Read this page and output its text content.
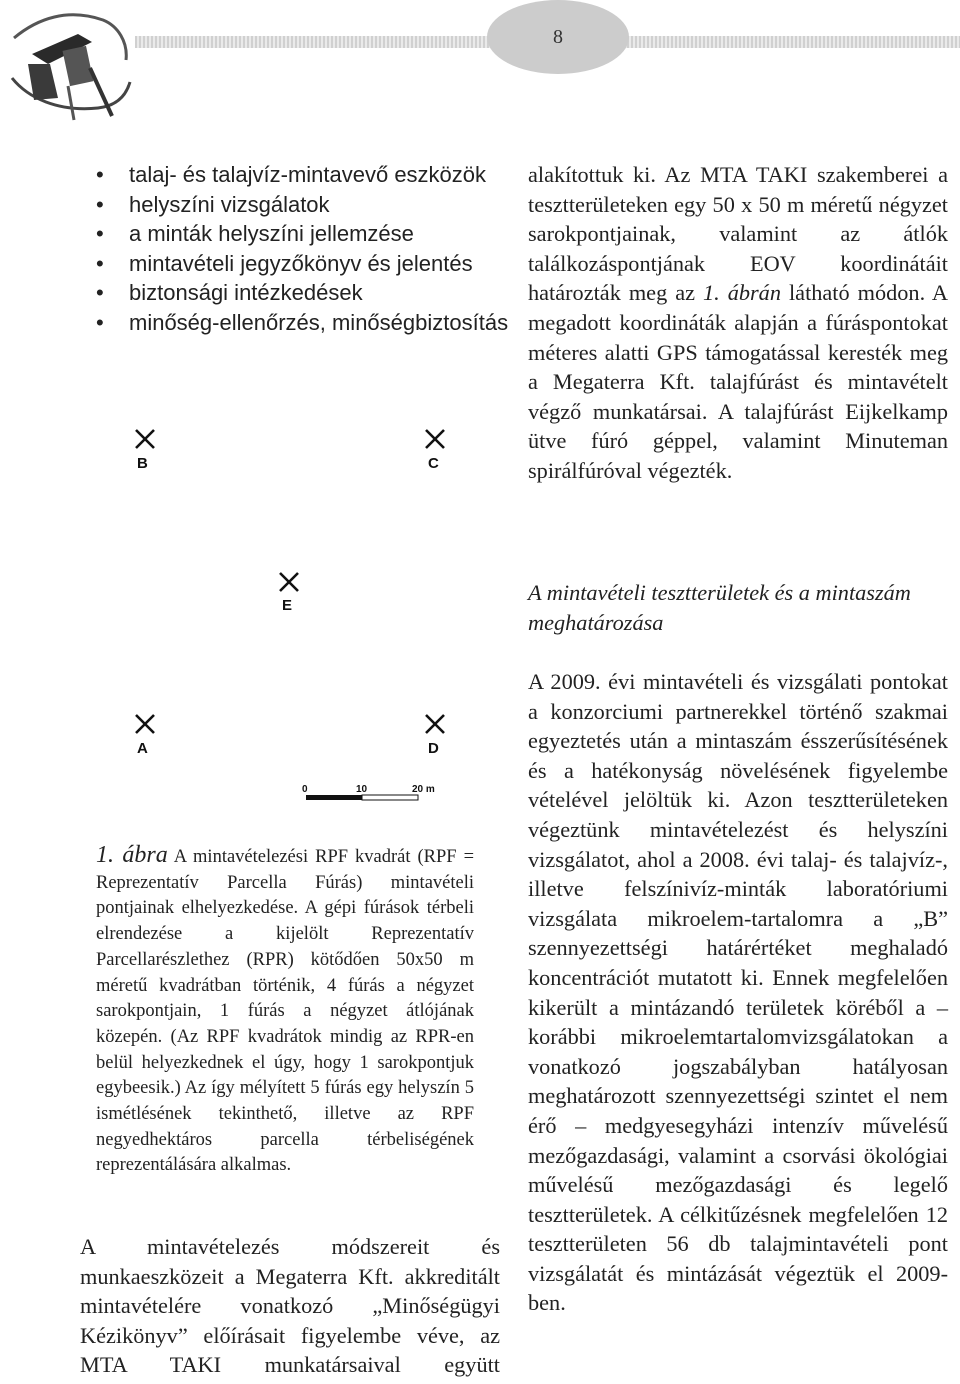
8
• talaj- és talajvíz-mintavevő eszközök
• helyszíni vizsgálatok
• a minták helyszíni jellemzése
• mintavételi jegyzőkönyv és jelentés
• biztonsági intézkedések
• minőség-ellenőrzés, minőségbiztosítás
B	C
E
A	D
0	10	20 m
1. ábra A mintavételezési RPF kvadrát (RPF = Reprezentatív Parcella Fúrás) mintavételi pontjainak elhelyezkedése. A gépi fúrások térbeli elrendezése a kijelölt Reprezentatív Parcellarészlethez (RPR) kötődően 50x50 m méretű kvadrátban történik, 4 fúrás a négyzet sarokpontjain, 1 fúrás a négyzet átlójának közepén. (Az RPF kvadrátok mindig az RPR-en belül helyezkednek el úgy, hogy 1 sarokpontjuk egybeesik.) Az így mélyített 5 fúrás egy helyszín 5 ismétlésének tekinthető, illetve az RPF negyedhektáros parcella térbeliségének reprezentálására alkalmas.
A mintavételezés módszereit és munkaeszközeit a Megaterra Kft. akkreditált mintavételére vonatkozó „Minőségügyi Kézikönyv” előírásait figyelembe véve, az MTA TAKI munkatársaival együtt
alakítottuk ki. Az MTA TAKI szakemberei a tesztterületeken egy 50 x 50 m méretű négyzet sarokpontjainak, valamint az átlók találkozáspontjának EOV koordinátáit határozták meg az 1. ábrán látható módon. A megadott koordináták alapján a fúráspontokat méteres alatti GPS támogatással keresték meg a Megaterra Kft. talajfúrást és mintavételt végző munkatársai. A talajfúrást Eijkelkamp ütve fúró géppel, valamint Minuteman spirálfúróval végezték.
A mintavételi tesztterületek és a mintaszám meghatározása
A 2009. évi mintavételi és vizsgálati pontokat a konzorciumi partnerekkel történő szakmai egyeztetés után a mintaszám ésszerűsítésének és a hatékonyság növelésének figyelembe vételével jelöltük ki. Azon tesztterületeken végeztünk mintavételezést és helyszíni vizsgálatot, ahol a 2008. évi talaj- és talajvíz-, illetve felszínivíz-minták laboratóriumi vizsgálata mikroelem-tartalomra a „B” szennyezettségi határértéket meghaladó koncentrációt mutatott ki. Ennek megfelelően kikerült a mintázandó területek köréből a – korábbi mikroelemtartalomvizsgálatokan a vonatkozó jogszabályban hatályosan meghatározott szennyezettségi szintet el nem érő – medgyesegyházi intenzív művelésű mezőgazdasági, valamint a csorvási ökológiai művelésű mezőgazdasági és legelő tesztterületek. A célkitűzésnek megfelelően 12 tesztterületen 56 db talajmintavételi pont vizsgálatát és mintázását végeztük el 2009-ben.
